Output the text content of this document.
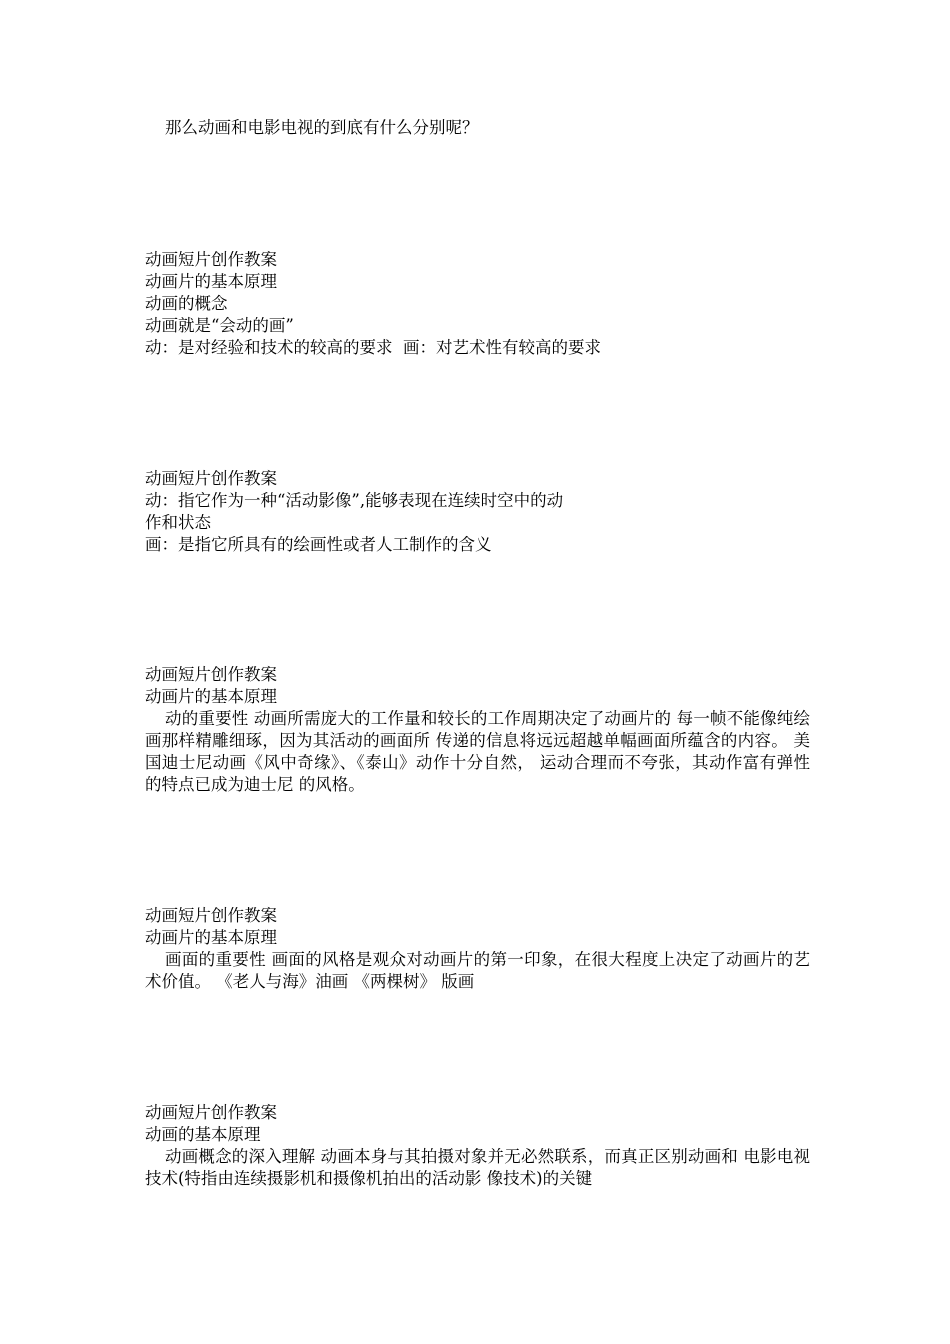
那么动画和电影电视的到底有什么分别呢？

动画短片创作教案

动画片的基本原理

动画的概念

动画就是“会动的画”

动：是对经验和技术的较高的要求  画：对艺术性有较高的要求

动画短片创作教案

动：指它作为一种“活动影像”,能够表现在连续时空中的动

作和状态

画：是指它所具有的绘画性或者人工制作的含义

动画短片创作教案

动画片的基本原理

动的重要性 动画所需庞大的工作量和较长的工作周期决定了动画片的 每一帧不能像纯绘画那样精雕细琢，因为其活动的画面所 传递的信息将远远超越单幅画面所蕴含的内容。 美国迪士尼动画《风中奇缘》、《泰山》动作十分自然， 运动合理而不夸张，其动作富有弹性的特点已成为迪士尼 的风格。

动画短片创作教案

动画片的基本原理

画面的重要性 画面的风格是观众对动画片的第一印象，在很大程度上决定了动画片的艺术价值。 《老人与海》油画 《两棵树》 版画

动画短片创作教案

动画的基本原理

动画概念的深入理解 动画本身与其拍摄对象并无必然联系，而真正区别动画和 电影电视技术(特指由连续摄影机和摄像机拍出的活动影 像技术)的关键
